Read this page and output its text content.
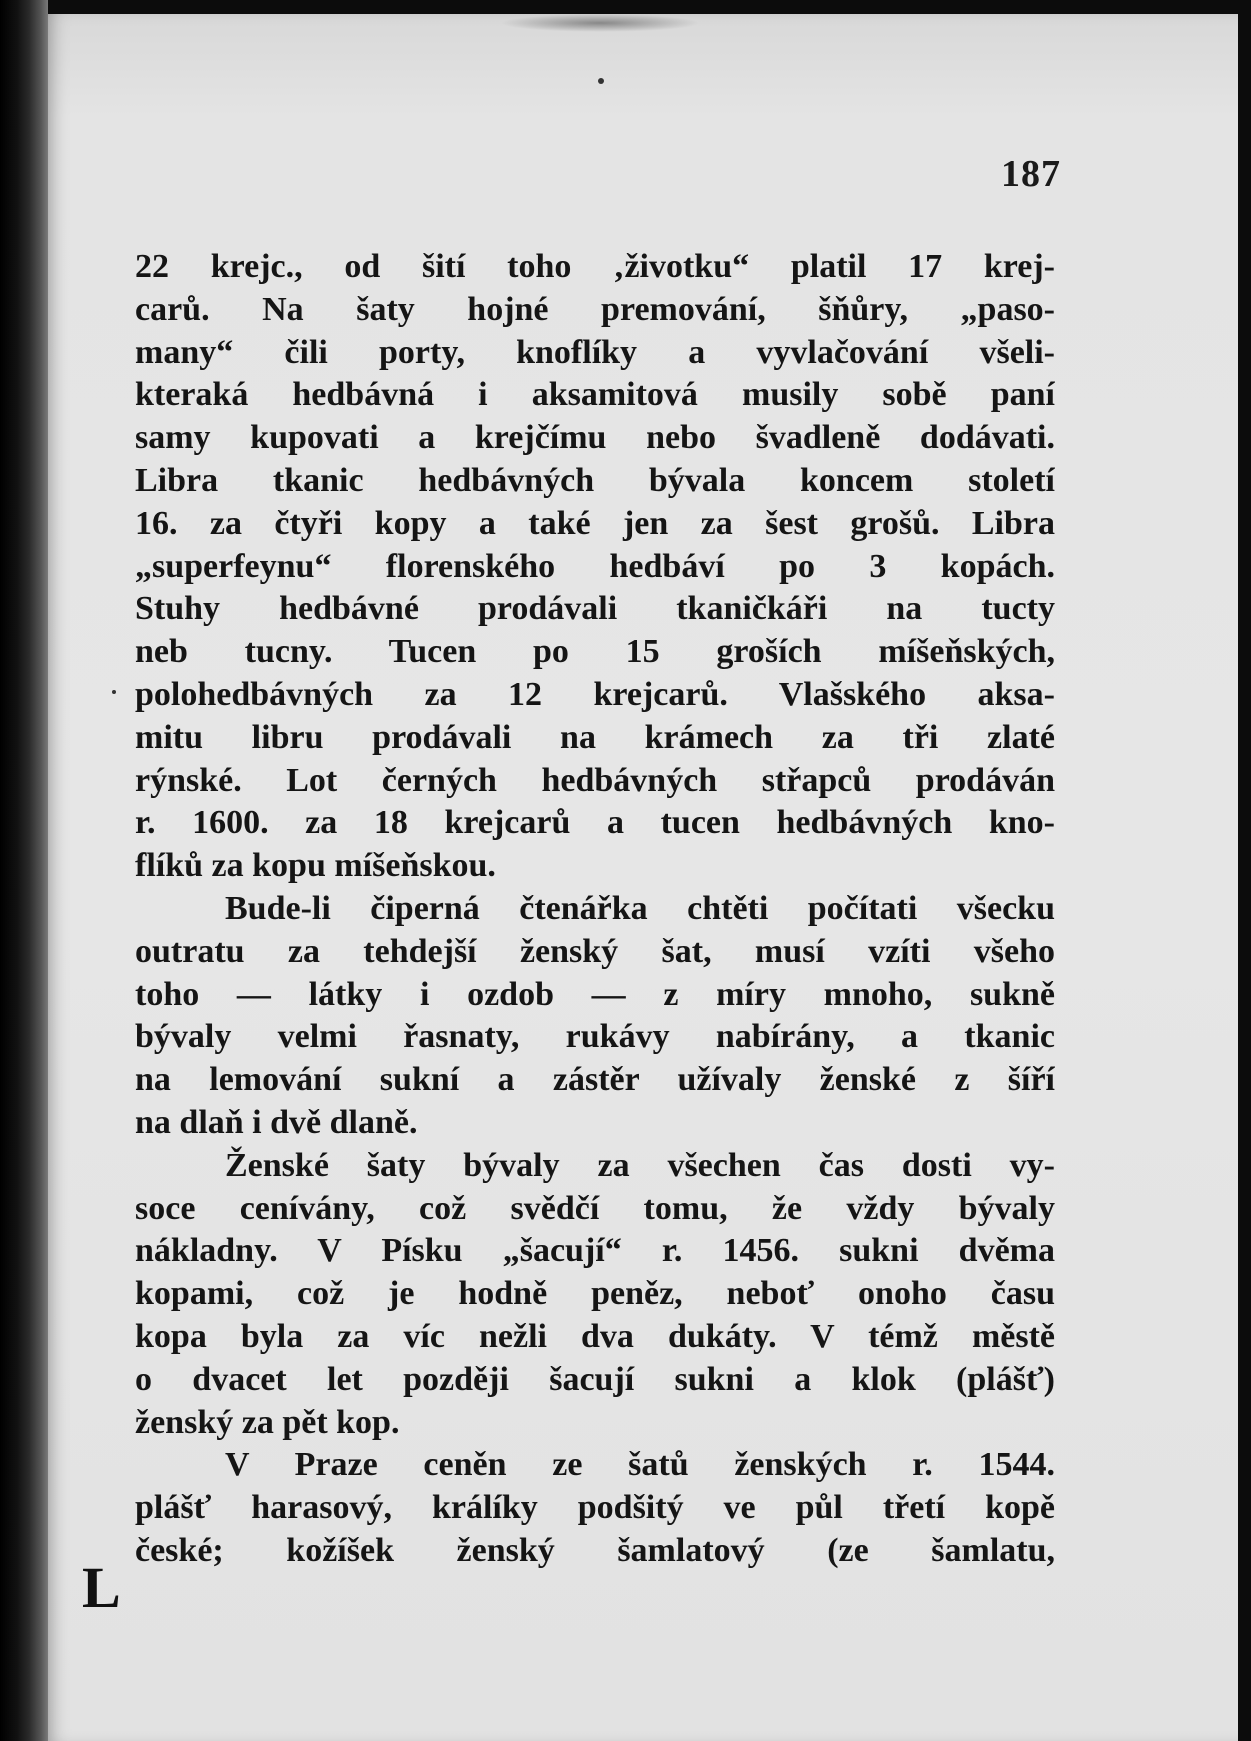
187
22 krejc., od šití toho ‚životku“ platil 17 krej-
carů. Na šaty hojné premování, šňůry, „paso-
many“ čili porty, knoflíky a vyvlačování všeli-
kteraká hedbávná i aksamitová musily sobě paní
samy kupovati a krejčímu nebo švadleně dodávati.
Libra tkanic hedbávných bývala koncem století
16. za čtyři kopy a také jen za šest grošů. Libra
„superfeynu“ florenského hedbáví po 3 kopách.
Stuhy hedbávné prodávali tkaničkáři na tucty
neb tucny. Tucen po 15 groších míšeňských,
polohedbávných za 12 krejcarů. Vlašského aksa-
mitu libru prodávali na krámech za tři zlaté
rýnské. Lot černých hedbávných střapců prodáván
r. 1600. za 18 krejcarů a tucen hedbávných kno-
flíků za kopu míšeňskou.
Bude-li čiperná čtenářka chtěti počítati všecku
outratu za tehdejší ženský šat, musí vzíti všeho
toho — látky i ozdob — z míry mnoho, sukně
bývaly velmi řasnaty, rukávy nabírány, a tkanic
na lemování sukní a zástěr užívaly ženské z šíří
na dlaň i dvě dlaně.
Ženské šaty bývaly za všechen čas dosti vy-
soce cenívány, což svědčí tomu, že vždy bývaly
nákladny. V Písku „šacují“ r. 1456. sukni dvěma
kopami, což je hodně peněz, neboť onoho času
kopa byla za víc nežli dva dukáty. V témž městě
o dvacet let později šacují sukni a klok (plášť)
ženský za pět kop.
V Praze ceněn ze šatů ženských r. 1544.
plášť harasový, králíky podšitý ve půl třetí kopě
české; kožíšek ženský šamlatový (ze šamlatu,
L
